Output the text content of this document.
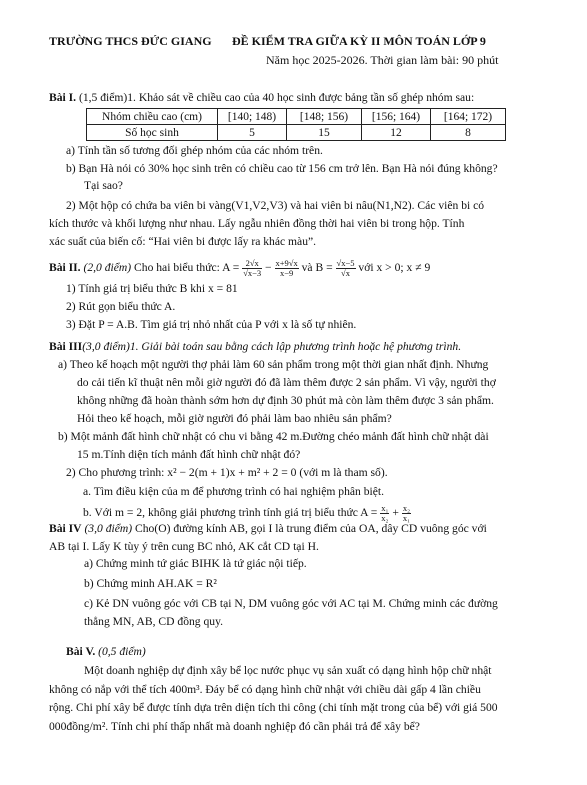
TRƯỜNG THCS ĐỨC GIANG ĐỀ KIỂM TRA GIỮA KỲ II MÔN TOÁN LỚP 9
Năm học 2025-2026. Thời gian làm bài: 90 phút
Bài I. (1,5 điểm)1. Khảo sát về chiều cao của 40 học sinh được bảng tần số ghép nhóm sau:
Nhóm chiều cao (cm)	[140; 148)	[148; 156)	[156; 164)	[164; 172)
Số học sinh	5	15	12	8
a) Tính tần số tương đối ghép nhóm của các nhóm trên.
b) Bạn Hà nói có 30% học sinh trên có chiều cao từ 156 cm trở lên. Bạn Hà nói đúng không?
Tại sao?
2) Một hộp có chứa ba viên bi vàng(V1,V2,V3) và hai viên bi nâu(N1,N2). Các viên bi có
kích thước và khối lượng như nhau. Lấy ngẫu nhiên đồng thời hai viên bi trong hộp. Tính
xác suất của biến cố: “Hai viên bi được lấy ra khác màu”.
Bài II. (2,0 điểm) Cho hai biểu thức: $A = \frac{2√x}{√x-3} - \frac{x+9√x}{x-9}$ và $B = \frac{√x-5}{√x}$ với x > 0; x ≠ 9
1) Tính giá trị biểu thức B khi x = 81
2) Rút gọn biểu thức A.
3) Đặt P = A.B. Tìm giá trị nhỏ nhất của P với x là số tự nhiên.
Bài III(3,0 điểm)1. Giải bài toán sau bằng cách lập phương trình hoặc hệ phương trình.
a) Theo kế hoạch một người thợ phải làm 60 sản phẩm trong một thời gian nhất định. Nhưng
do cải tiến kĩ thuật nên mỗi giờ người đó đã làm thêm được 2 sản phẩm. Vì vậy, người thợ
không những đã hoàn thành sớm hơn dự định 30 phút mà còn làm thêm được 3 sản phẩm.
Hỏi theo kế hoạch, mỗi giờ người đó phải làm bao nhiêu sản phẩm?
b) Một mảnh đất hình chữ nhật có chu vi bằng 42 m.Đường chéo mảnh đất hình chữ nhật dài
15 m.Tính diện tích mảnh đất hình chữ nhật đó?
2) Cho phương trình: x² − 2(m + 1)x + m² + 2 = 0 (với m là tham số).
a. Tìm điều kiện của m để phương trình có hai nghiệm phân biệt.
b. Với m = 2, không giải phương trình tính giá trị biểu thức $A = \frac{\text{x₁}}{\text{x₂}} + \frac{\text{x₂}}{\text{x₁}}$
Bài IV (3,0 điểm) Cho(O) đường kính AB, gọi I là trung điểm của OA, dây CD vuông góc với
AB tại I. Lấy K tùy ý trên cung BC nhỏ, AK cắt CD tại H.
a) Chứng minh tứ giác BIHK là tứ giác nội tiếp.
b) Chứng minh AH.AK = R²
c) Kẻ DN vuông góc với CB tại N, DM vuông góc với AC tại M. Chứng minh các đường
thẳng MN, AB, CD đồng quy.
Bài V. (0,5 điểm)
Một doanh nghiệp dự định xây bể lọc nước phục vụ sản xuất có dạng hình hộp chữ nhật
không có nắp với thể tích 400m³. Đáy bể có dạng hình chữ nhật với chiều dài gấp 4 lần chiều
rộng. Chi phí xây bể được tính dựa trên diện tích thi công (chi tính mặt trong của bể) với giá 500
000đồng/m². Tính chi phí thấp nhất mà doanh nghiệp đó cần phải trả để xây bể?
